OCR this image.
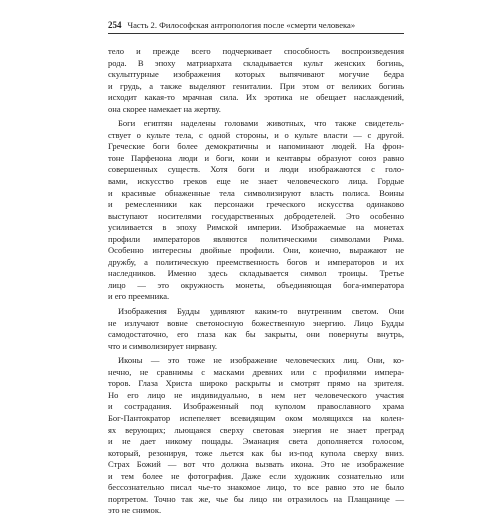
254 Часть 2. Философская антропология после «смерти человека»

тело и прежде всего подчеркивает способность воспроизведения
рода. В эпоху матриархата складывается культ женских богинь,
скульптурные изображения которых выпячивают могучие бедра
и грудь, а также выделяют гениталии. При этом от великих богинь
исходит какая-то мрачная сила. Их эротика не обещает наслаждений,
она скорее намекает на жертву.

Боги египтян наделены головами животных, что также свидетель-
ствует о культе тела, с одной стороны, и о культе власти — с другой.
Греческие боги более демократичны и напоминают людей. На фрон-
тоне Парфенона люди и боги, кони и кентавры образуют союз равно
совершенных существ. Хотя боги и люди изображаются с голо-
вами, искусство греков еще не знает человеческого лица. Гордые
и красивые обнаженные тела символизируют власть полиса. Воины
и ремесленники как персонажи греческого искусства одинаково
выступают носителями государственных добродетелей. Это особенно
усиливается в эпоху Римской империи. Изображаемые на монетах
профили императоров являются политическими символами Рима.
Особенно интересны двойные профили. Они, конечно, выражают не
дружбу, а политическую преемственность богов и императоров и их
наследников. Именно здесь складывается символ троицы. Третье
лицо — это окружность монеты, объединяющая бога-императора
и его преемника.

Изображения Будды удивляют каким-то внутренним светом. Они
не излучают вовне светоносную божественную энергию. Лицо Будды
самодостаточно, его глаза как бы закрыты, они повернуты внутрь,
что и символизирует нирвану.

Иконы — это тоже не изображение человеческих лиц. Они, ко-
нечно, не сравнимы с масками древних или с профилями импера-
торов. Глаза Христа широко раскрыты и смотрят прямо на зрителя.
Но его лицо не индивидуально, в нем нет человеческого участия
и сострадания. Изображенный под куполом православного храма
Бог-Пантократор испепеляет всевидящим оком молящихся на колен-
ях верующих; льющаяся сверху световая энергия не знает преград
и не дает никому пощады. Эманация света дополняется голосом,
который, резонируя, тоже льется как бы из-под купола сверху вниз.
Страх Божий — вот что должна вызвать икона. Это не изображение
и тем более не фотография. Даже если художник сознательно или
бессознательно писал чье-то знакомое лицо, то все равно это не было
портретом. Точно так же, чье бы лицо ни отразилось на Плащанице —
это не снимок.
